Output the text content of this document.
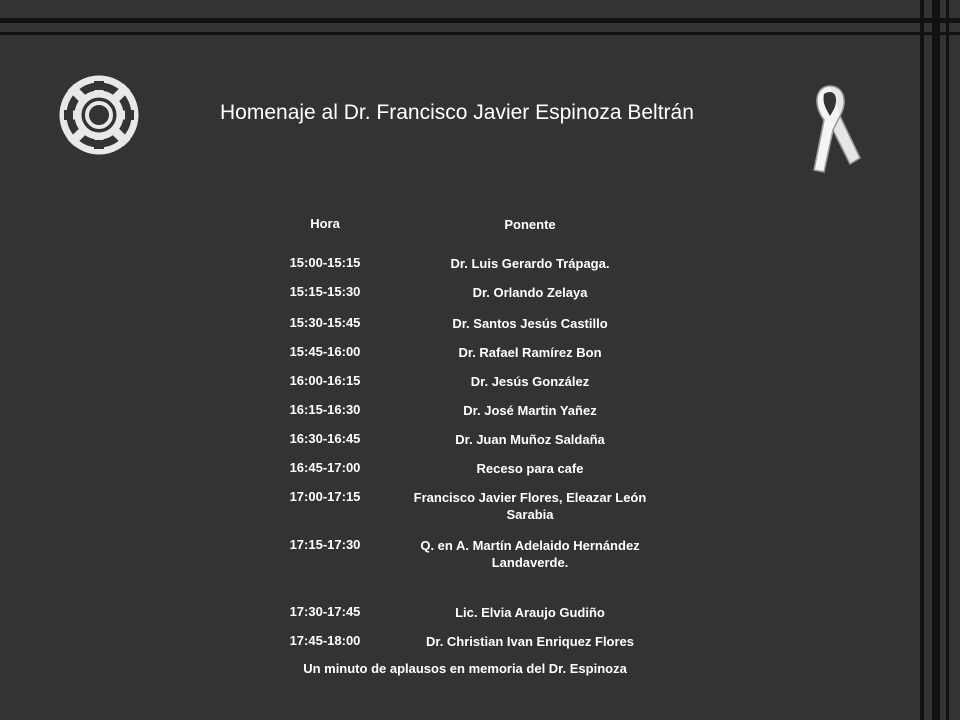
Homenaje al Dr. Francisco Javier Espinoza Beltrán
Hora	Ponente
15:00-15:15	Dr. Luis Gerardo Trápaga.
15:15-15:30	Dr. Orlando Zelaya
15:30-15:45	Dr. Santos Jesús Castillo
15:45-16:00	Dr. Rafael Ramírez Bon
16:00-16:15	Dr. Jesús González
16:15-16:30	Dr. José Martin Yañez
16:30-16:45	Dr. Juan Muñoz Saldaña
16:45-17:00	Receso para cafe
17:00-17:15	Francisco Javier Flores, Eleazar León Sarabia
17:15-17:30	Q. en A. Martín Adelaido Hernández Landaverde.
17:30-17:45	Lic. Elvia Araujo Gudiño
17:45-18:00	Dr. Christian Ivan Enriquez Flores
Un minuto de aplausos en memoria del Dr. Espinoza
